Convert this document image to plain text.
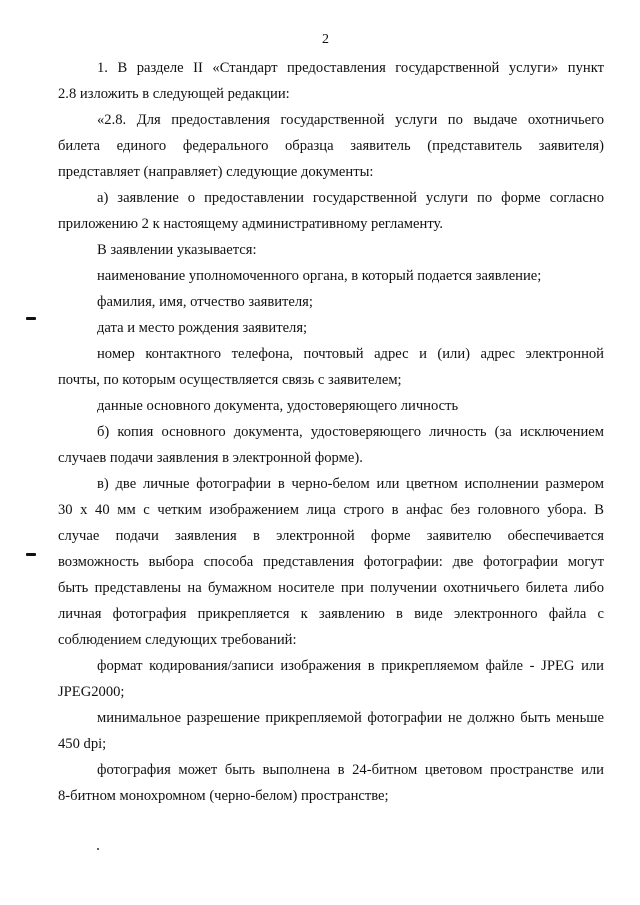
2
1. В разделе II «Стандарт предоставления государственной услуги» пункт
2.8 изложить в следующей редакции:
«2.8. Для предоставления государственной услуги по выдаче охотничьего
билета единого федерального образца заявитель (представитель заявителя)
представляет (направляет) следующие документы:
а) заявление о предоставлении государственной услуги по форме согласно
приложению 2 к настоящему административному регламенту.
В заявлении указывается:
наименование уполномоченного органа, в который подается заявление;
фамилия, имя, отчество заявителя;
дата и место рождения заявителя;
номер контактного телефона, почтовый адрес и (или) адрес электронной
почты, по которым осуществляется связь с заявителем;
данные основного документа, удостоверяющего личность
б) копия основного документа, удостоверяющего личность (за исключением
случаев подачи заявления в электронной форме).
в) две личные фотографии в черно-белом или цветном исполнении размером
30 х 40 мм с четким изображением лица строго в анфас без головного убора. В
случае подачи заявления в электронной форме заявителю обеспечивается
возможность выбора способа представления фотографии: две фотографии могут
быть представлены на бумажном носителе при получении охотничьего билета либо
личная фотография прикрепляется к заявлению в виде электронного файла с
соблюдением следующих требований:
формат кодирования/записи изображения в прикрепляемом файле - JPEG или
JPEG2000;
минимальное разрешение прикрепляемой фотографии не должно быть меньше
450 dpi;
фотография может быть выполнена в 24-битном цветовом пространстве или
8-битном монохромном (черно-белом) пространстве;
